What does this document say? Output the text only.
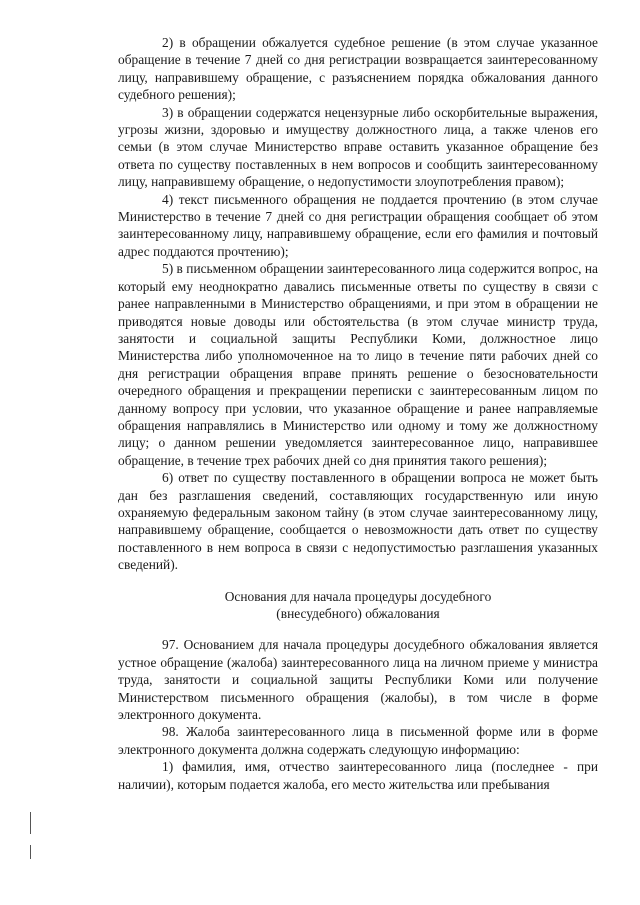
2) в обращении обжалуется судебное решение (в этом случае указанное обращение в течение 7 дней со дня регистрации возвращается заинтересованному лицу, направившему обращение, с разъяснением порядка обжалования данного судебного решения);

3) в обращении содержатся нецензурные либо оскорбительные выражения, угрозы жизни, здоровью и имуществу должностного лица, а также членов его семьи (в этом случае Министерство вправе оставить указанное обращение без ответа по существу поставленных в нем вопросов и сообщить заинтересованному лицу, направившему обращение, о недопустимости злоупотребления правом);

4) текст письменного обращения не поддается прочтению (в этом случае Министерство в течение 7 дней со дня регистрации обращения сообщает об этом заинтересованному лицу, направившему обращение, если его фамилия и почтовый адрес поддаются прочтению);

5) в письменном обращении заинтересованного лица содержится вопрос, на который ему неоднократно давались письменные ответы по существу в связи с ранее направленными в Министерство обращениями, и при этом в обращении не приводятся новые доводы или обстоятельства (в этом случае министр труда, занятости и социальной защиты Республики Коми, должностное лицо Министерства либо уполномоченное на то лицо в течение пяти рабочих дней со дня регистрации обращения вправе принять решение о безосновательности очередного обращения и прекращении переписки с заинтересованным лицом по данному вопросу при условии, что указанное обращение и ранее направляемые обращения направлялись в Министерство или одному и тому же должностному лицу; о данном решении уведомляется заинтересованное лицо, направившее обращение, в течение трех рабочих дней со дня принятия такого решения);

6) ответ по существу поставленного в обращении вопроса не может быть дан без разглашения сведений, составляющих государственную или иную охраняемую федеральным законом тайну (в этом случае заинтересованному лицу, направившему обращение, сообщается о невозможности дать ответ по существу поставленного в нем вопроса в связи с недопустимостью разглашения указанных сведений).

Основания для начала процедуры досудебного
(внесудебного) обжалования

97. Основанием для начала процедуры досудебного обжалования является устное обращение (жалоба) заинтересованного лица на личном приеме у министра труда, занятости и социальной защиты Республики Коми или получение Министерством письменного обращения (жалобы), в том числе в форме электронного документа.

98. Жалоба заинтересованного лица в письменной форме или в форме электронного документа должна содержать следующую информацию:

1) фамилия, имя, отчество заинтересованного лица (последнее - при наличии), которым подается жалоба, его место жительства или пребывания
